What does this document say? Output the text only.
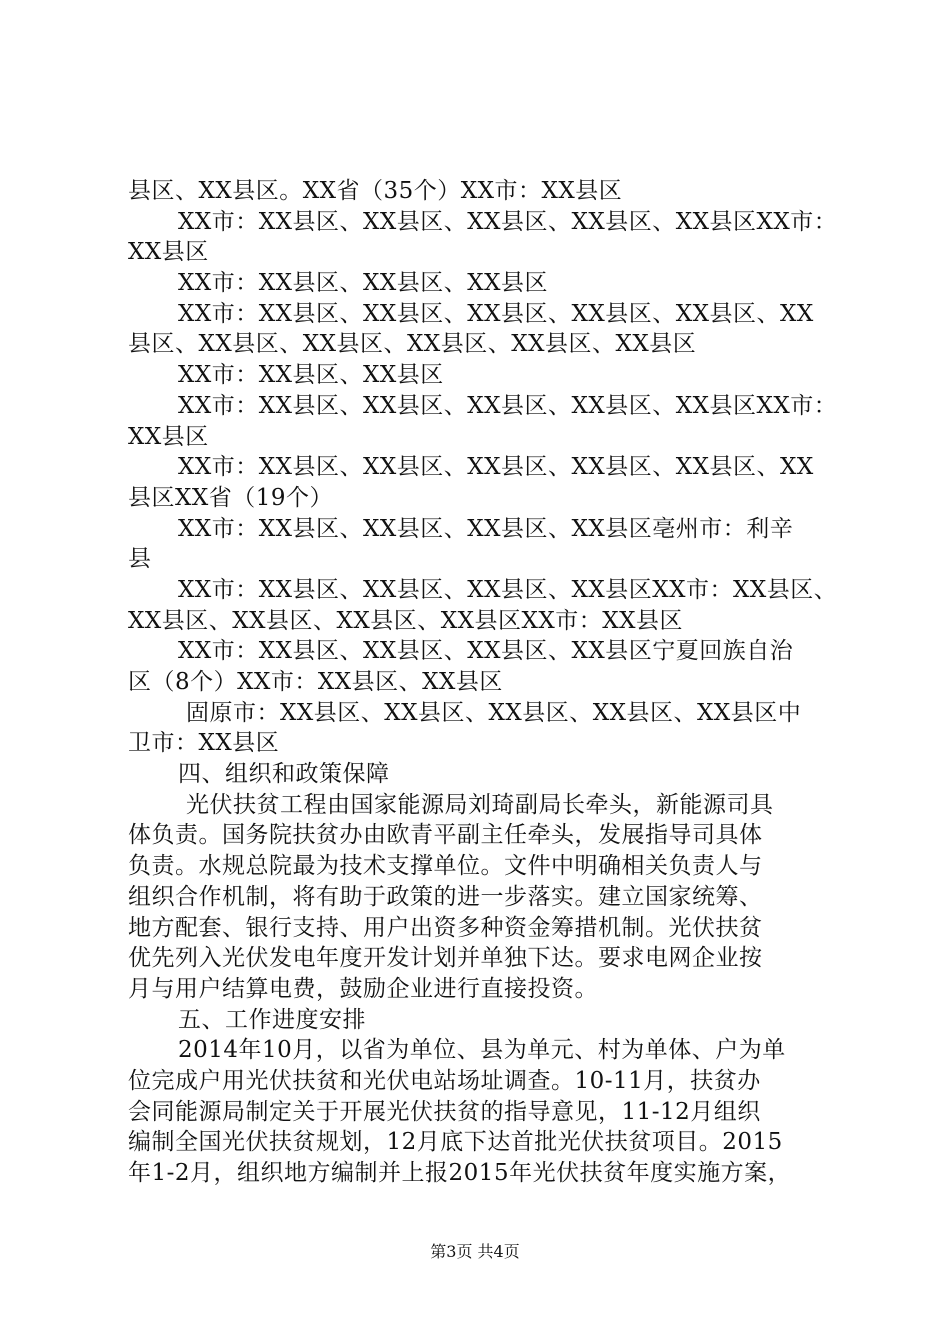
县区、XX县区。XX省（35个）XX市：XX县区
XX市：XX县区、XX县区、XX县区、XX县区、XX县区XX市：
XX县区
XX市：XX县区、XX县区、XX县区
XX市：XX县区、XX县区、XX县区、XX县区、XX县区、XX
县区、XX县区、XX县区、XX县区、XX县区、XX县区
XX市：XX县区、XX县区
XX市：XX县区、XX县区、XX县区、XX县区、XX县区XX市：
XX县区
XX市：XX县区、XX县区、XX县区、XX县区、XX县区、XX
县区XX省（19个）
XX市：XX县区、XX县区、XX县区、XX县区亳州市：利辛
县
XX市：XX县区、XX县区、XX县区、XX县区XX市：XX县区、
XX县区、XX县区、XX县区、XX县区XX市：XX县区
XX市：XX县区、XX县区、XX县区、XX县区宁夏回族自治
区（8个）XX市：XX县区、XX县区
固原市：XX县区、XX县区、XX县区、XX县区、XX县区中
卫市：XX县区
四、组织和政策保障
光伏扶贫工程由国家能源局刘琦副局长牵头，新能源司具
体负责。国务院扶贫办由欧青平副主任牵头，发展指导司具体
负责。水规总院最为技术支撑单位。文件中明确相关负责人与
组织合作机制，将有助于政策的进一步落实。建立国家统筹、
地方配套、银行支持、用户出资多种资金筹措机制。光伏扶贫
优先列入光伏发电年度开发计划并单独下达。要求电网企业按
月与用户结算电费，鼓励企业进行直接投资。
五、工作进度安排
2014年10月，以省为单位、县为单元、村为单体、户为单
位完成户用光伏扶贫和光伏电站场址调查。10-11月，扶贫办
会同能源局制定关于开展光伏扶贫的指导意见，11-12月组织
编制全国光伏扶贫规划，12月底下达首批光伏扶贫项目。2015
年1-2月，组织地方编制并上报2015年光伏扶贫年度实施方案，
第3页 共4页
